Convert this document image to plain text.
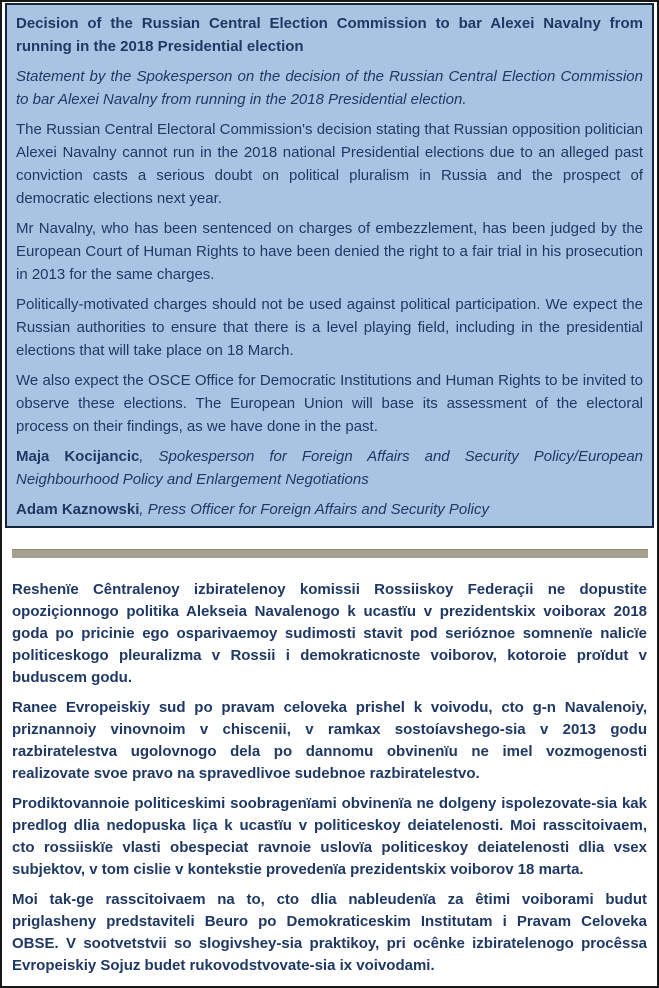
Decision of the Russian Central Election Commission to bar Alexei Navalny from running in the 2018 Presidential election

Statement by the Spokesperson on the decision of the Russian Central Election Commission to bar Alexei Navalny from running in the 2018 Presidential election.

The Russian Central Electoral Commission's decision stating that Russian opposition politician Alexei Navalny cannot run in the 2018 national Presidential elections due to an alleged past conviction casts a serious doubt on political pluralism in Russia and the prospect of democratic elections next year.

Mr Navalny, who has been sentenced on charges of embezzlement, has been judged by the European Court of Human Rights to have been denied the right to a fair trial in his prosecution in 2013 for the same charges.

Politically-motivated charges should not be used against political participation. We expect the Russian authorities to ensure that there is a level playing field, including in the presidential elections that will take place on 18 March.

We also expect the OSCE Office for Democratic Institutions and Human Rights to be invited to observe these elections. The European Union will base its assessment of the electoral process on their findings, as we have done in the past.

Maja Kocijancic, Spokesperson for Foreign Affairs and Security Policy/European Neighbourhood Policy and Enlargement Negotiations

Adam Kaznowski, Press Officer for Foreign Affairs and Security Policy

Reshenïe Cêntralenoy izbiratelenoy komissii Rossiiskoy Federaçii ne dopustite opoziçionnogo politika Alekseia Navalenogo k ucastïu v prezidentskix voiborax 2018 goda po pricinie ego osparivaemoy sudimosti stavit pod serióznoe somnenïe nalicïe politiceskogo pleuralizma v Rossii i demokraticnoste voiborov, kotoroie proïdut v buduscem godu.

Ranee Evropeiskiy sud po pravam celoveka prishel k voivodu, cto g-n Navalenoiy, priznannoiy vinovnoim v chiscenii, v ramkax sostoíavshego-sia v 2013 godu razbiratelestva ugolovnogo dela po dannomu obvinenïu ne imel vozmogenosti realizovate svoe pravo na spravedlivoe sudebnoe razbiratelestvo.

Prodiktovannoie politiceskimi soobragenïami obvinenïa ne dolgeny ispolezovate-sia kak predlog dlia nedopuska liça k ucastïu v politiceskoy deiatelenosti. Moi rasscitoivaem, cto rossiiskïe vlasti obespeciat ravnoie uslovïa politiceskoy deiatelenosti dlia vsex subjektov, v tom cislie v kontekstie provedenïa prezidentskix voiborov 18 marta.

Moi tak-ge rasscitoivaem na to, cto dlia nableudenïa za êtimi voiborami budut priglasheny predstaviteli Beuro po Demokraticeskim Institutam i Pravam Celoveka OBSE. V sootvetstvii so slogivshey-sia praktikoy, pri ocênke izbiratelenogo procêssa Evropeiskiy Sojuz budet rukovodstvovate-sia ix voivodami.
